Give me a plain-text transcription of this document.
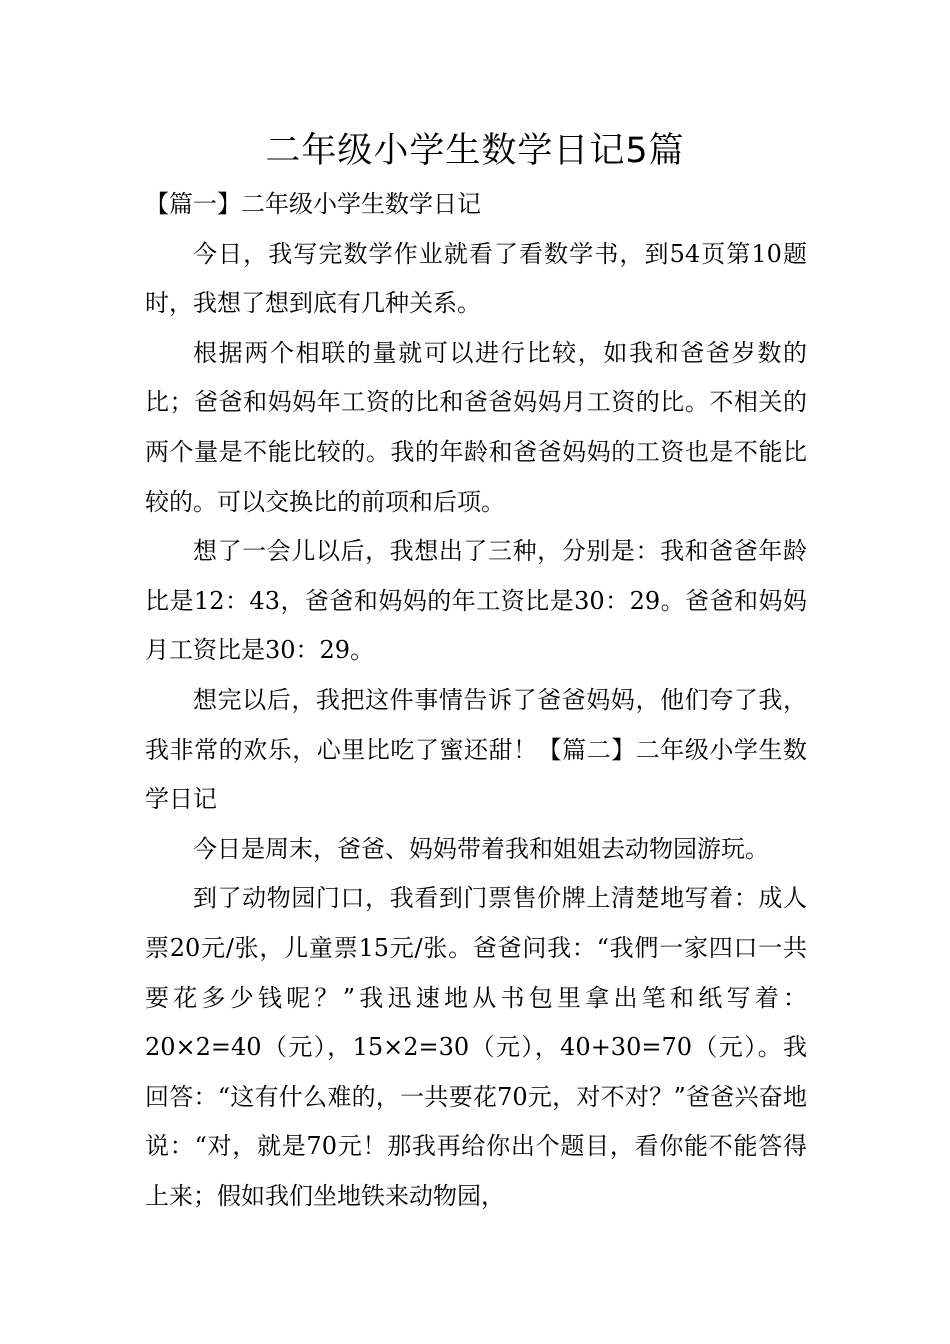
二年级小学生数学日记5篇

【篇一】二年级小学生数学日记

今日，我写完数学作业就看了看数学书，到54页第10题时，我想了想到底有几种关系。

根据两个相联的量就可以进行比较，如我和爸爸岁数的比；爸爸和妈妈年工资的比和爸爸妈妈月工资的比。不相关的两个量是不能比较的。我的年龄和爸爸妈妈的工资也是不能比较的。可以交换比的前项和后项。

想了一会儿以后，我想出了三种，分别是：我和爸爸年龄比是12：43，爸爸和妈妈的年工资比是30：29。爸爸和妈妈月工资比是30：29。

想完以后，我把这件事情告诉了爸爸妈妈，他们夸了我，我非常的欢乐，心里比吃了蜜还甜！【篇二】二年级小学生数学日记

今日是周末，爸爸、妈妈带着我和姐姐去动物园游玩。

到了动物园门口，我看到门票售价牌上清楚地写着：成人票20元/张，儿童票15元/张。爸爸问我：“我們一家四口一共要花多少钱呢？”我迅速地从书包里拿出笔和纸写着：20×2=40（元），15×2=30（元），40+30=70（元）。我回答：“这有什么难的，一共要花70元，对不对？”爸爸兴奋地说：“对，就是70元！那我再给你出个题目，看你能不能答得上来；假如我们坐地铁来动物园，
